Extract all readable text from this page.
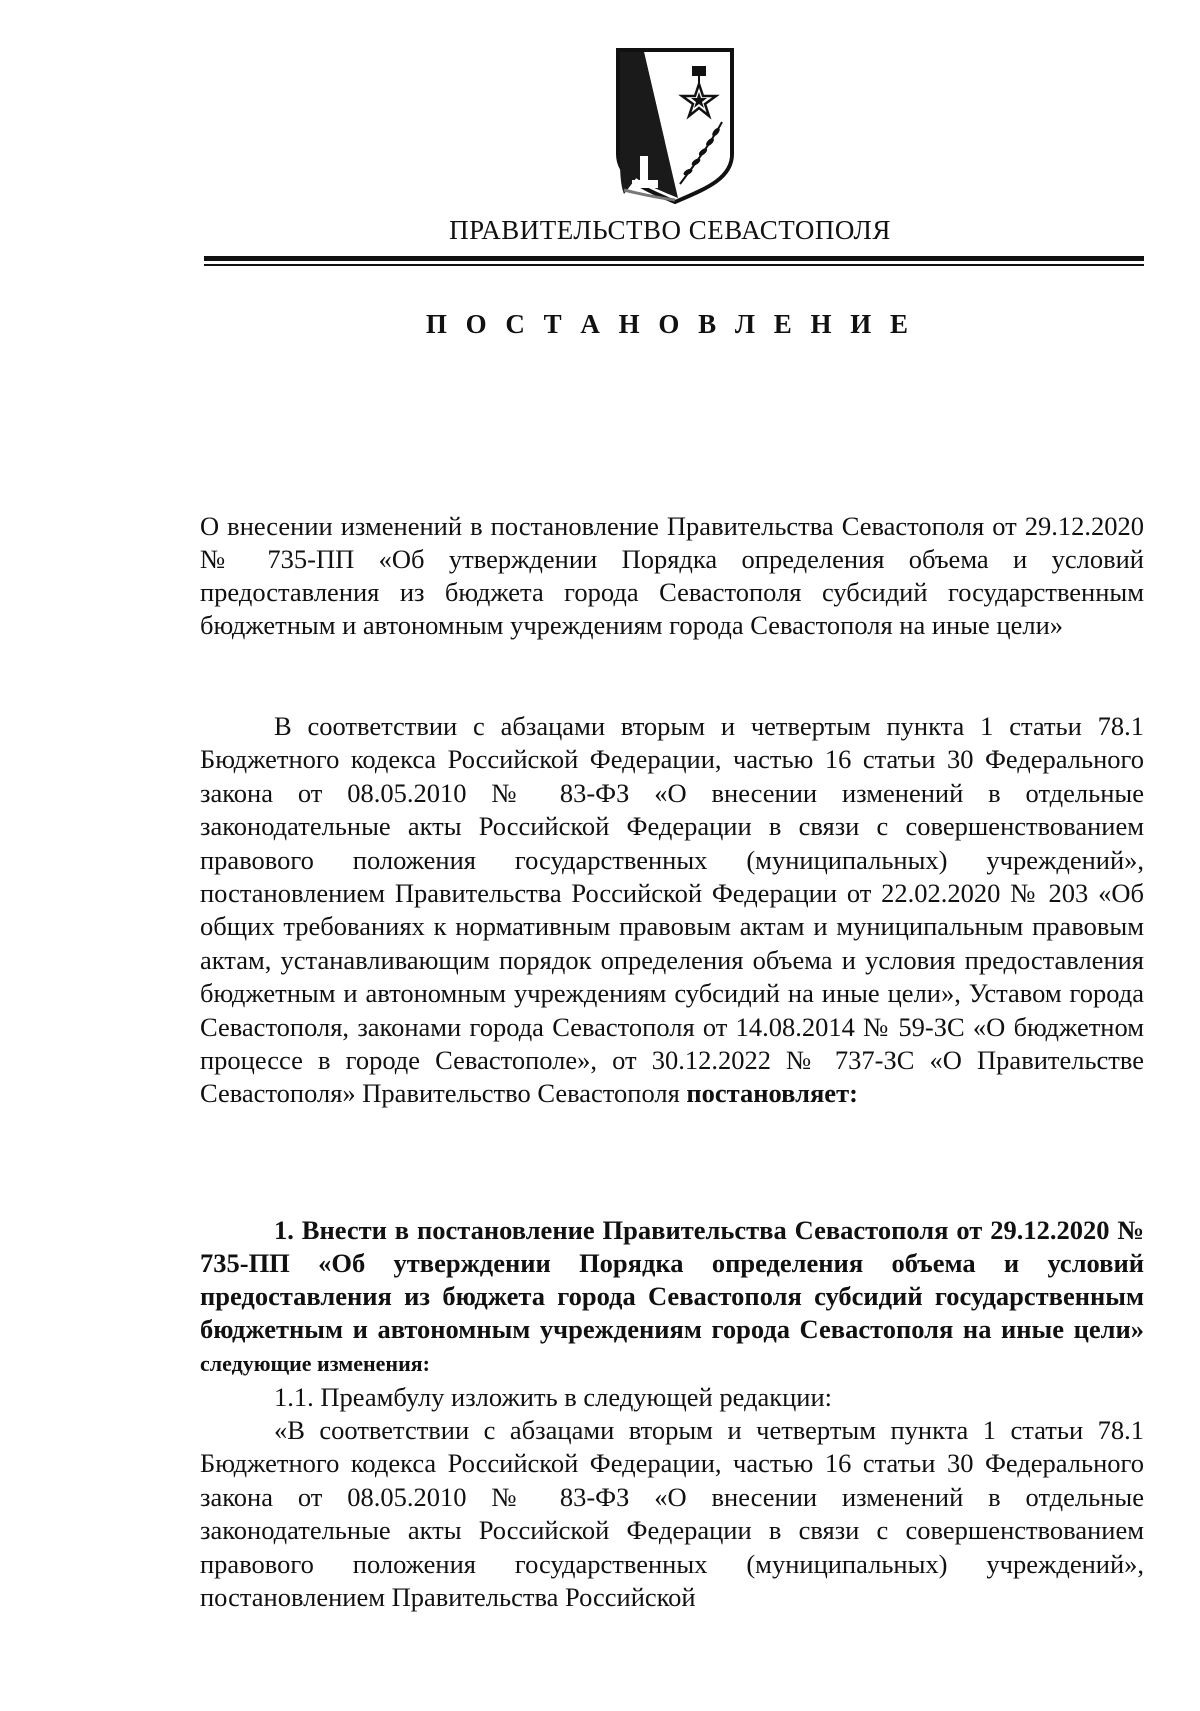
ПРАВИТЕЛЬСТВО СЕВАСТОПОЛЯ
П О С Т А Н О В Л Е Н И Е
О внесении изменений в постановление Правительства Севастополя от 29.12.2020 № 735-ПП «Об утверждении Порядка определения объема и условий предоставления из бюджета города Севастополя субсидий государственным бюджетным и автономным учреждениям города Севастополя на иные цели»
В соответствии с абзацами вторым и четвертым пункта 1 статьи 78.1 Бюджетного кодекса Российской Федерации, частью 16 статьи 30 Федерального закона от 08.05.2010 № 83-ФЗ «О внесении изменений в отдельные законодательные акты Российской Федерации в связи с совершенствованием правового положения государственных (муниципальных) учреждений», постановлением Правительства Российской Федерации от 22.02.2020 № 203 «Об общих требованиях к нормативным правовым актам и муниципальным правовым актам, устанавливающим порядок определения объема и условия предоставления бюджетным и автономным учреждениям субсидий на иные цели», Уставом города Севастополя, законами города Севастополя от 14.08.2014 № 59-ЗС «О бюджетном процессе в городе Севастополе», от 30.12.2022 № 737-ЗС «О Правительстве Севастополя» Правительство Севастополя постановляет:
1. Внести в постановление Правительства Севастополя от 29.12.2020 № 735-ПП «Об утверждении Порядка определения объема и условий предоставления из бюджета города Севастополя субсидий государственным бюджетным и автономным учреждениям города Севастополя на иные цели» следующие изменения:
1.1. Преамбулу изложить в следующей редакции:
«В соответствии с абзацами вторым и четвертым пункта 1 статьи 78.1 Бюджетного кодекса Российской Федерации, частью 16 статьи 30 Федерального закона от 08.05.2010 № 83-ФЗ «О внесении изменений в отдельные законодательные акты Российской Федерации в связи с совершенствованием правового положения государственных (муниципальных) учреждений», постановлением Правительства Российской
